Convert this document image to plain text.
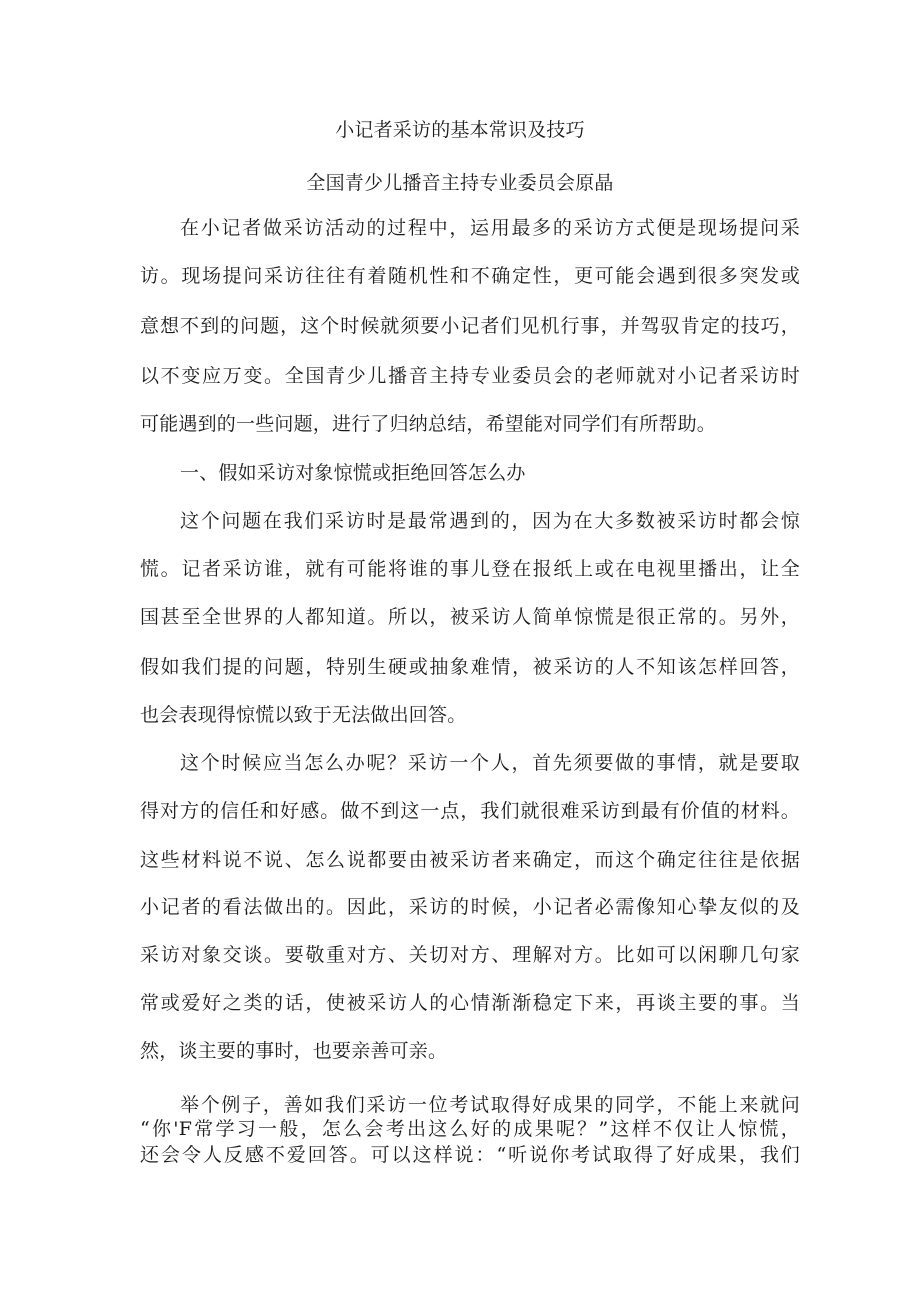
小记者采访的基本常识及技巧
全国青少儿播音主持专业委员会原晶
在小记者做采访活动的过程中，运用最多的采访方式便是现场提问采
访。现场提问采访往往有着随机性和不确定性，更可能会遇到很多突发或
意想不到的问题，这个时候就须要小记者们见机行事，并驾驭肯定的技巧，
以不变应万变。全国青少儿播音主持专业委员会的老师就对小记者采访时
可能遇到的一些问题，进行了归纳总结，希望能对同学们有所帮助。
一、假如采访对象惊慌或拒绝回答怎么办
这个问题在我们采访时是最常遇到的，因为在大多数被采访时都会惊
慌。记者采访谁，就有可能将谁的事儿登在报纸上或在电视里播出，让全
国甚至全世界的人都知道。所以，被采访人简单惊慌是很正常的。另外，
假如我们提的问题，特别生硬或抽象难情，被采访的人不知该怎样回答，
也会表现得惊慌以致于无法做出回答。
这个时候应当怎么办呢？采访一个人，首先须要做的事情，就是要取
得对方的信任和好感。做不到这一点，我们就很难采访到最有价值的材料。
这些材料说不说、怎么说都要由被采访者来确定，而这个确定往往是依据
小记者的看法做出的。因此，采访的时候，小记者必需像知心挚友似的及
采访对象交谈。要敬重对方、关切对方、理解对方。比如可以闲聊几句家
常或爱好之类的话，使被采访人的心情渐渐稳定下来，再谈主要的事。当
然，谈主要的事时，也要亲善可亲。
举个例子，善如我们采访一位考试取得好成果的同学，不能上来就问
“你'F常学习一般，怎么会考出这么好的成果呢？”这样不仅让人惊慌，
还会令人反感不爱回答。可以这样说：“听说你考试取得了好成果，我们
